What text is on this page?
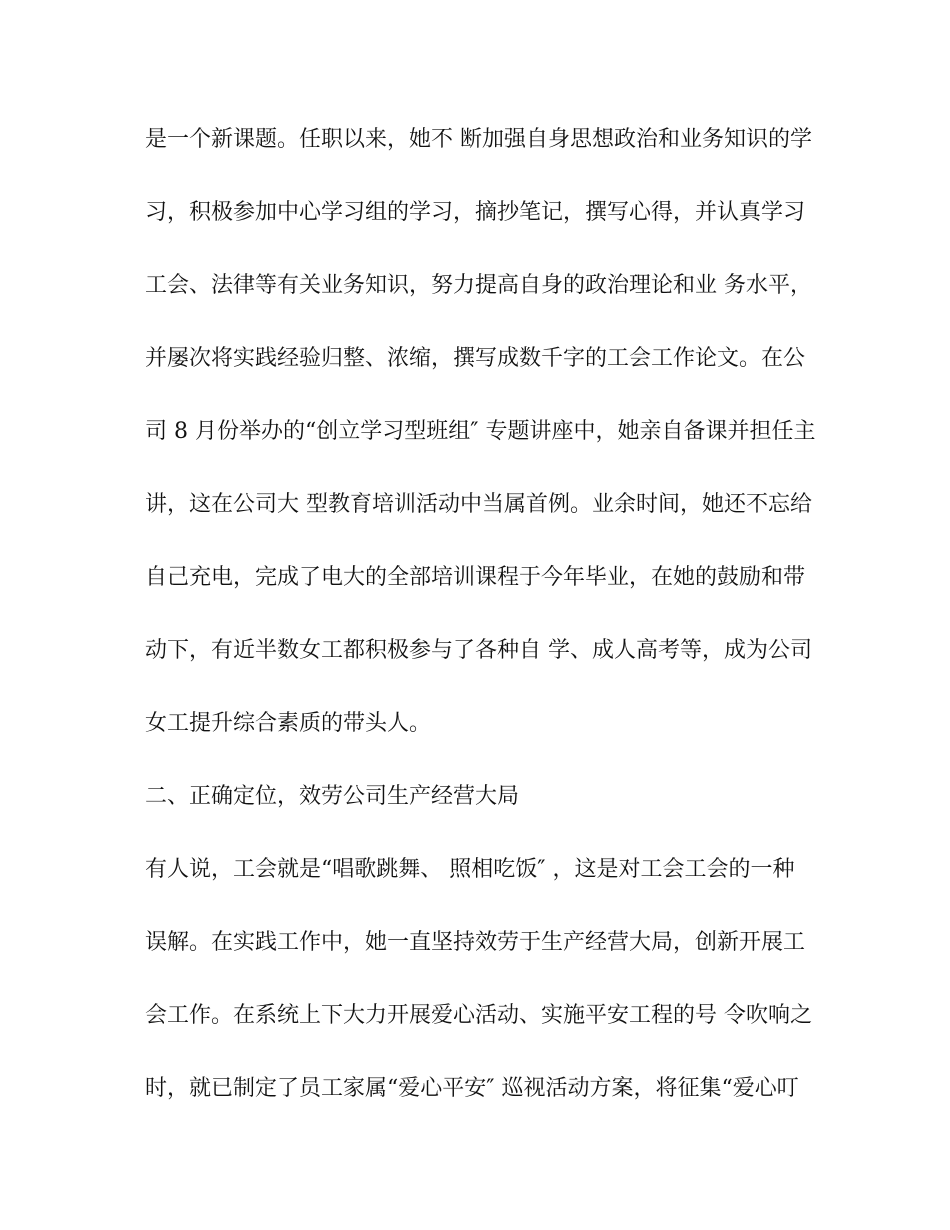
是一个新课题。任职以来，她不 断加强自身思想政治和业务知识的学

习，积极参加中心学习组的学习，摘抄笔记，撰写心得，并认真学习

工会、法律等有关业务知识，努力提高自身的政治理论和业 务水平，

并屡次将实践经验归整、浓缩，撰写成数千字的工会工作论文。在公

司 8 月份举办的“创立学习型班组″ 专题讲座中，她亲自备课并担任主

讲，这在公司大 型教育培训活动中当属首例。业余时间，她还不忘给

自己充电，完成了电大的全部培训课程于今年毕业，在她的鼓励和带

动下，有近半数女工都积极参与了各种自 学、成人高考等，成为公司

女工提升综合素质的带头人。

二、正确定位，效劳公司生产经营大局

有人说，工会就是“唱歌跳舞、 照相吃饭″ ，这是对工会工会的一种

误解。在实践工作中，她一直坚持效劳于生产经营大局，创新开展工

会工作。在系统上下大力开展爱心活动、实施平安工程的号 令吹响之

时，就已制定了员工家属“爱心平安″ 巡视活动方案，将征集“爱心叮
